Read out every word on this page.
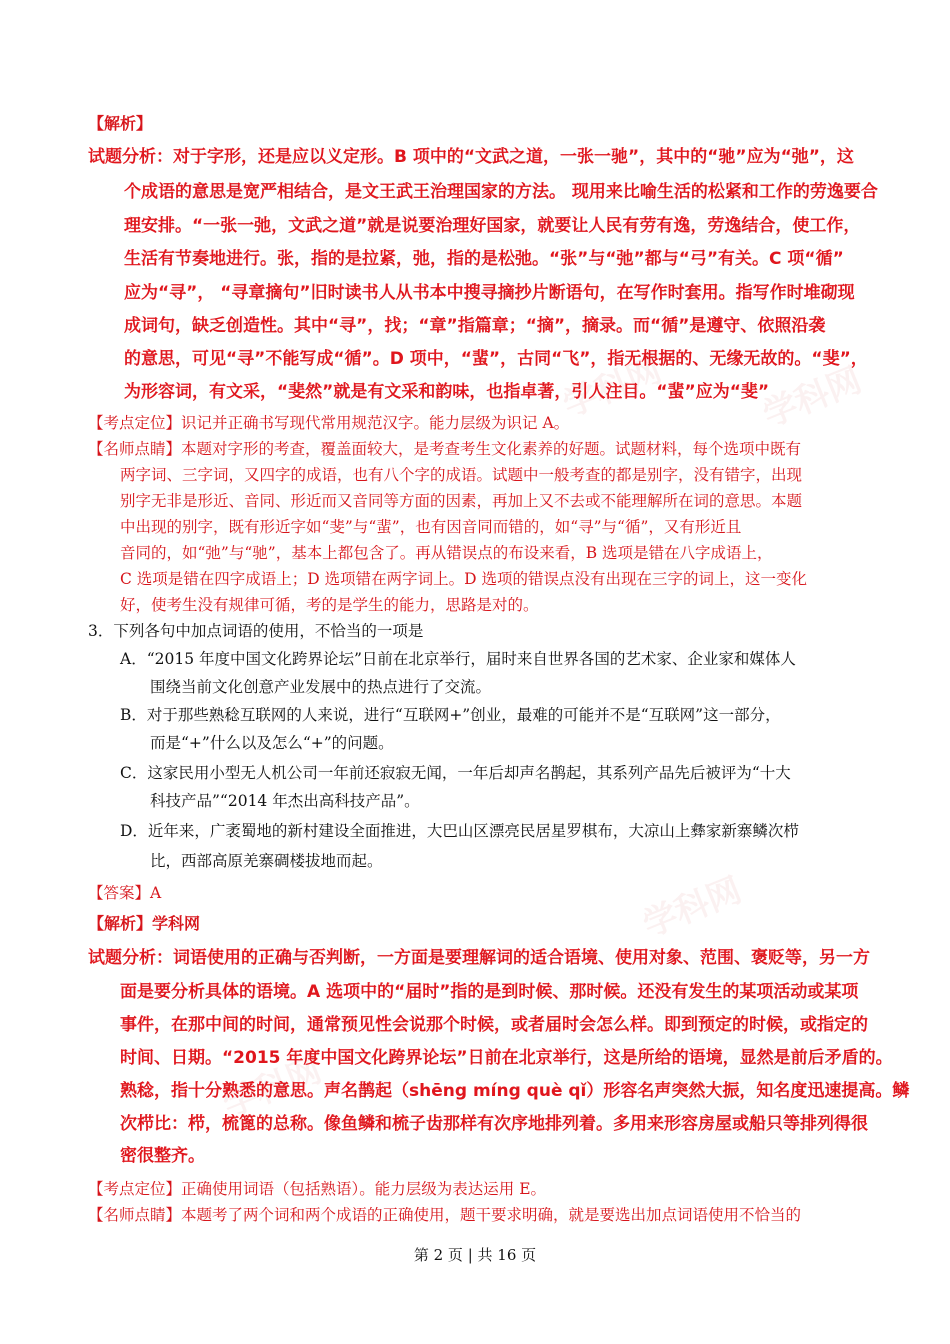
学科网	学科网
学科网
学科网
【解析】
试题分析：对于字形，还是应以义定形。B 项中的“文武之道，一张一驰”，其中的“驰”应为“弛”，这
个成语的意思是宽严相结合，是文王武王治理国家的方法。 现用来比喻生活的松紧和工作的劳逸要合
理安排。“一张一弛，文武之道”就是说要治理好国家，就要让人民有劳有逸，劳逸结合，使工作，
生活有节奏地进行。张，指的是拉紧，弛，指的是松弛。“张”与“弛”都与“弓”有关。C 项“循”
应为“寻”， “寻章摘句”旧时读书人从书本中搜寻摘抄片断语句，在写作时套用。指写作时堆砌现
成词句，缺乏创造性。其中“寻”，找；“章”指篇章；“摘”，摘录。而“循”是遵守、依照沿袭
的意思，可见“寻”不能写成“循”。D 项中，“蜚”，古同“飞”，指无根据的、无缘无故的。“斐”，
为形容词，有文采，“斐然”就是有文采和韵味，也指卓著，引人注目。“蜚”应为“斐”
【考点定位】识记并正确书写现代常用规范汉字。能力层级为识记 A。
【名师点睛】本题对字形的考查，覆盖面较大，是考查考生文化素养的好题。试题材料，每个选项中既有
两字词、三字词，又四字的成语，也有八个字的成语。试题中一般考查的都是别字，没有错字，出现
别字无非是形近、音同、形近而又音同等方面的因素，再加上又不去或不能理解所在词的意思。本题
中出现的别字，既有形近字如“斐”与“蜚”，也有因音同而错的，如“寻”与“循”，又有形近且
音同的，如“弛”与“驰”，基本上都包含了。再从错误点的布设来看，B 选项是错在八字成语上，
C 选项是错在四字成语上；D 选项错在两字词上。D 选项的错误点没有出现在三字的词上，这一变化
好，使考生没有规律可循，考的是学生的能力，思路是对的。
3．下列各句中加点词语的使用，不恰当的一项是
A．“2015 年度中国文化跨界论坛”日前在北京举行，届时来自世界各国的艺术家、企业家和媒体人
围绕当前文化创意产业发展中的热点进行了交流。
B．对于那些熟稔互联网的人来说，进行“互联网+”创业，最难的可能并不是“互联网”这一部分，
而是“+”什么以及怎么“+”的问题。
C．这家民用小型无人机公司一年前还寂寂无闻，一年后却声名鹊起，其系列产品先后被评为“十大
科技产品”“2014 年杰出高科技产品”。
D．近年来，广袤蜀地的新村建设全面推进，大巴山区漂亮民居星罗棋布，大凉山上彝家新寨鳞次栉
比，西部高原羌寨碉楼拔地而起。
【答案】A
【解析】学科网
试题分析：词语使用的正确与否判断，一方面是要理解词的适合语境、使用对象、范围、褒贬等，另一方
面是要分析具体的语境。A 选项中的“届时”指的是到时候、那时候。还没有发生的某项活动或某项
事件，在那中间的时间，通常预见性会说那个时候，或者届时会怎么样。即到预定的时候，或指定的
时间、日期。“2015 年度中国文化跨界论坛”日前在北京举行，这是所给的语境，显然是前后矛盾的。
熟稔，指十分熟悉的意思。声名鹊起（shēng míng què qǐ）形容名声突然大振，知名度迅速提高。鳞
次栉比：栉，梳篦的总称。像鱼鳞和梳子齿那样有次序地排列着。多用来形容房屋或船只等排列得很
密很整齐。
【考点定位】正确使用词语（包括熟语）。能力层级为表达运用 E。
【名师点睛】本题考了两个词和两个成语的正确使用，题干要求明确，就是要选出加点词语使用不恰当的
第 2 页 | 共 16 页
